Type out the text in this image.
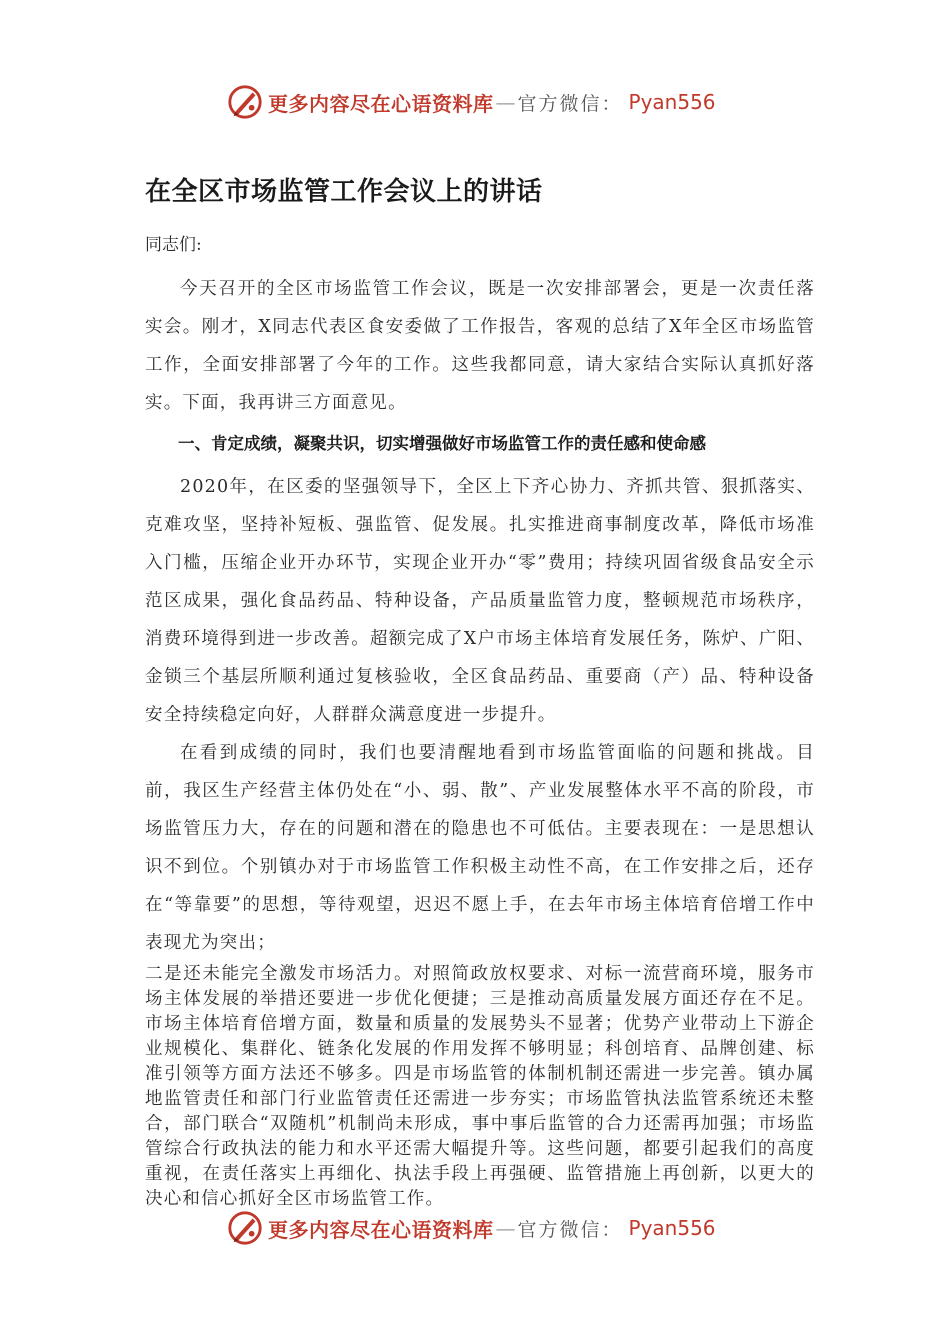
更多内容尽在心语资料库 — 官方微信： Pyan556
在全区市场监管工作会议上的讲话

同志们:

今天召开的全区市场监管工作会议，既是一次安排部署会，更是一次责任落实会。刚才，X同志代表区食安委做了工作报告，客观的总结了X年全区市场监管工作，全面安排部署了今年的工作。这些我都同意，请大家结合实际认真抓好落实。下面，我再讲三方面意见。

一、肯定成绩，凝聚共识，切实增强做好市场监管工作的责任感和使命感

2020年，在区委的坚强领导下，全区上下齐心协力、齐抓共管、狠抓落实、克难攻坚，坚持补短板、强监管、促发展。扎实推进商事制度改革，降低市场准入门槛，压缩企业开办环节，实现企业开办“零”费用；持续巩固省级食品安全示范区成果，强化食品药品、特种设备，产品质量监管力度，整顿规范市场秩序，消费环境得到进一步改善。超额完成了X户市场主体培育发展任务，陈炉、广阳、金锁三个基层所顺利通过复核验收，全区食品药品、重要商（产）品、特种设备安全持续稳定向好，人群群众满意度进一步提升。

在看到成绩的同时，我们也要清醒地看到市场监管面临的问题和挑战。目前，我区生产经营主体仍处在“小、弱、散”、产业发展整体水平不高的阶段，市场监管压力大，存在的问题和潜在的隐患也不可低估。主要表现在：一是思想认识不到位。个别镇办对于市场监管工作积极主动性不高，在工作安排之后，还存在“等靠要”的思想，等待观望，迟迟不愿上手，在去年市场主体培育倍增工作中表现尤为突出；

二是还未能完全激发市场活力。对照简政放权要求、对标一流营商环境，服务市场主体发展的举措还要进一步优化便捷；三是推动高质量发展方面还存在不足。市场主体培育倍增方面，数量和质量的发展势头不显著；优势产业带动上下游企业规模化、集群化、链条化发展的作用发挥不够明显；科创培育、品牌创建、标准引领等方面方法还不够多。四是市场监管的体制机制还需进一步完善。镇办属地监管责任和部门行业监管责任还需进一步夯实；市场监管执法监管系统还未整合，部门联合“双随机”机制尚未形成，事中事后监管的合力还需再加强；市场监管综合行政执法的能力和水平还需大幅提升等。这些问题，都要引起我们的高度重视，在责任落实上再细化、执法手段上再强硬、监管措施上再创新，以更大的决心和信心抓好全区市场监管工作。

更多内容尽在心语资料库 — 官方微信： Pyan556
